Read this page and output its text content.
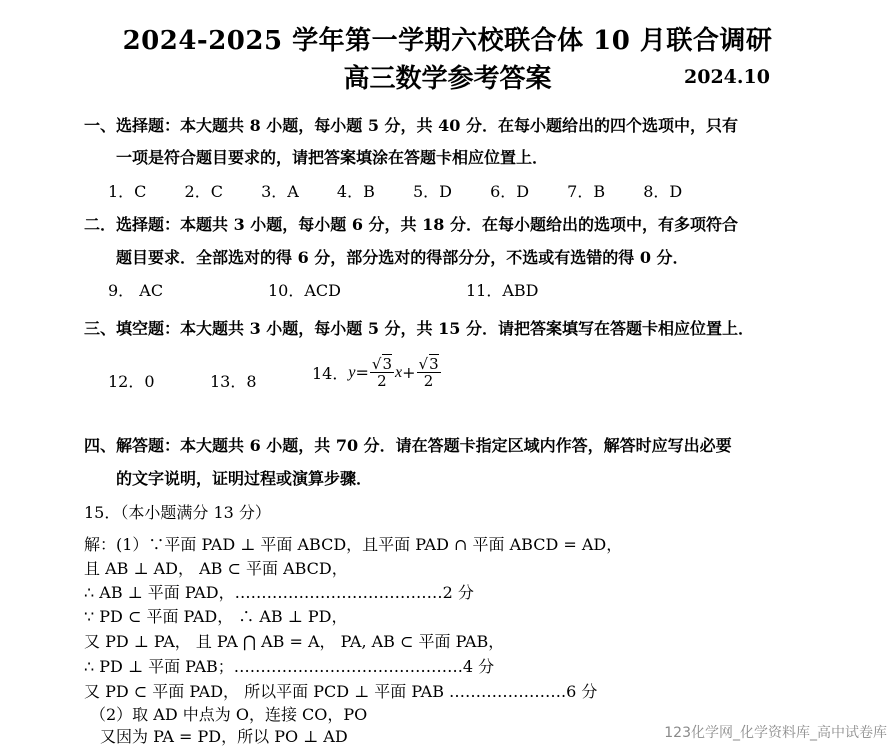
2024-2025 学年第一学期六校联合体 10 月联合调研
高三数学参考答案	2024.10
一、选择题：本大题共 8 小题，每小题 5 分，共 40 分．在每小题给出的四个选项中，只有
一项是符合题目要求的，请把答案填涂在答题卡相应位置上．
1．C 2．C 3．A 4．B 5．D 6．D 7．B 8．D
二．选择题：本题共 3 小题，每小题 6 分，共 18 分．在每小题给出的选项中，有多项符合
题目要求．全部选对的得 6 分，部分选对的得部分分，不选或有选错的得 0 分．
9． AC	10．ACD	11．ABD
三、填空题：本大题共 3 小题，每小题 5 分，共 15 分．请把答案填写在答题卡相应位置上．
12．0	13．8	14． $y = \frac{√3}{2}$ $x + \frac{√3}{2}$
四、解答题：本大题共 6 小题，共 70 分．请在答题卡指定区域内作答，解答时应写出必要
的文字说明，证明过程或演算步骤．
15．（本小题满分 13 分）
解：(1）∵平面 PAD ⊥ 平面 ABCD，且平面 PAD ∩ 平面 ABCD = AD，
且 AB ⊥ AD， AB ⊂ 平面 ABCD，
∴ AB ⊥ 平面 PAD，…………………………………2 分
∵ PD ⊂ 平面 PAD， ∴ AB ⊥ PD，
又 PD ⊥ PA， 且 PA ⋂ AB = A， PA, AB ⊂ 平面 PAB，
∴ PD ⊥ 平面 PAB；…………………………………….4 分
又 PD ⊂ 平面 PAD， 所以平面 PCD ⊥ 平面 PAB ………………….6 分
（2）取 AD 中点为 O，连接 CO，PO
又因为 PA = PD，所以 PO ⊥ AD	123化学网_化学资料库_高中试卷库
